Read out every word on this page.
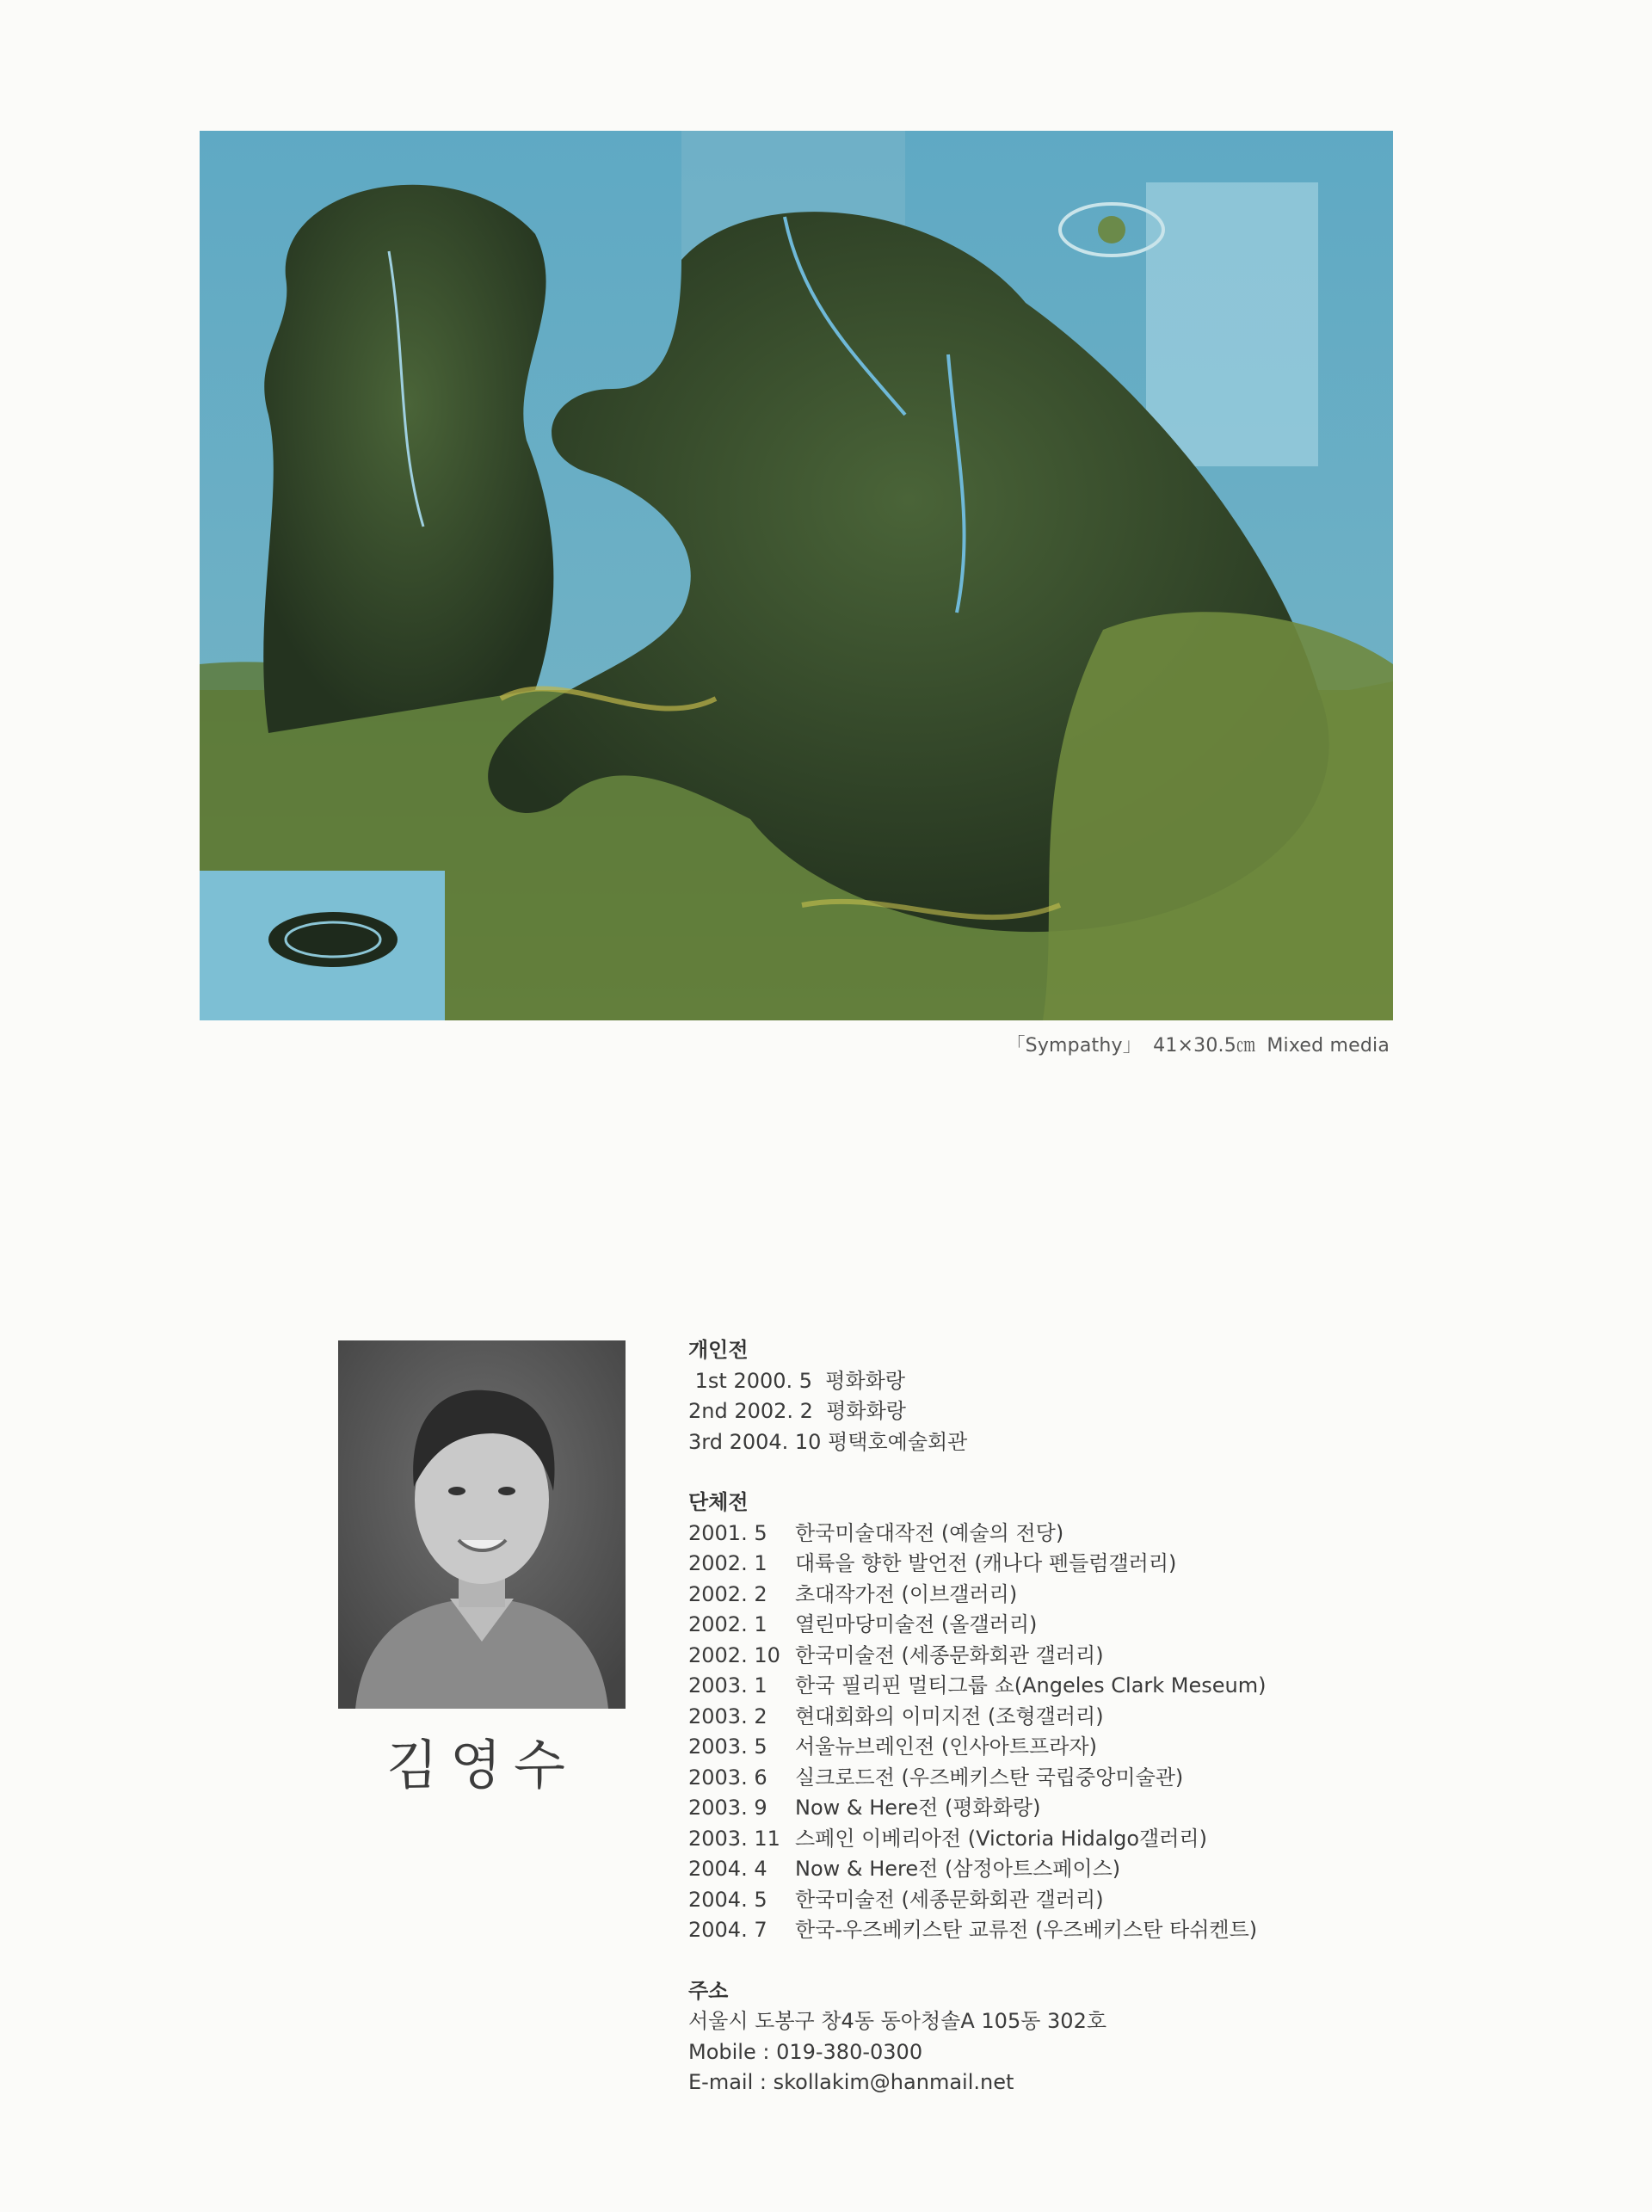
「Sympathy」 41×30.5㎝ Mixed media
김영수
개인전
1st 2000. 5  평화화랑
2nd 2002. 2  평화화랑
3rd 2004. 10 평택호예술회관
단체전
2001. 5 한국미술대작전 (예술의 전당)
2002. 1 대륙을 향한 발언전 (캐나다 펜들럼갤러리)
2002. 2 초대작가전 (이브갤러리)
2002. 1 열린마당미술전 (올갤러리)
2002. 10 한국미술전 (세종문화회관 갤러리)
2003. 1 한국 필리핀 멀티그룹 쇼(Angeles Clark Meseum)
2003. 2 현대회화의 이미지전 (조형갤러리)
2003. 5 서울뉴브레인전 (인사아트프라자)
2003. 6 실크로드전 (우즈베키스탄 국립중앙미술관)
2003. 9 Now & Here전 (평화화랑)
2003. 11 스페인 이베리아전 (Victoria Hidalgo갤러리)
2004. 4 Now & Here전 (삼정아트스페이스)
2004. 5 한국미술전 (세종문화회관 갤러리)
2004. 7 한국-우즈베키스탄 교류전 (우즈베키스탄 타쉬켄트)
주소
서울시 도봉구 창4동 동아청솔A 105동 302호
Mobile : 019-380-0300
E-mail : skollakim@hanmail.net
